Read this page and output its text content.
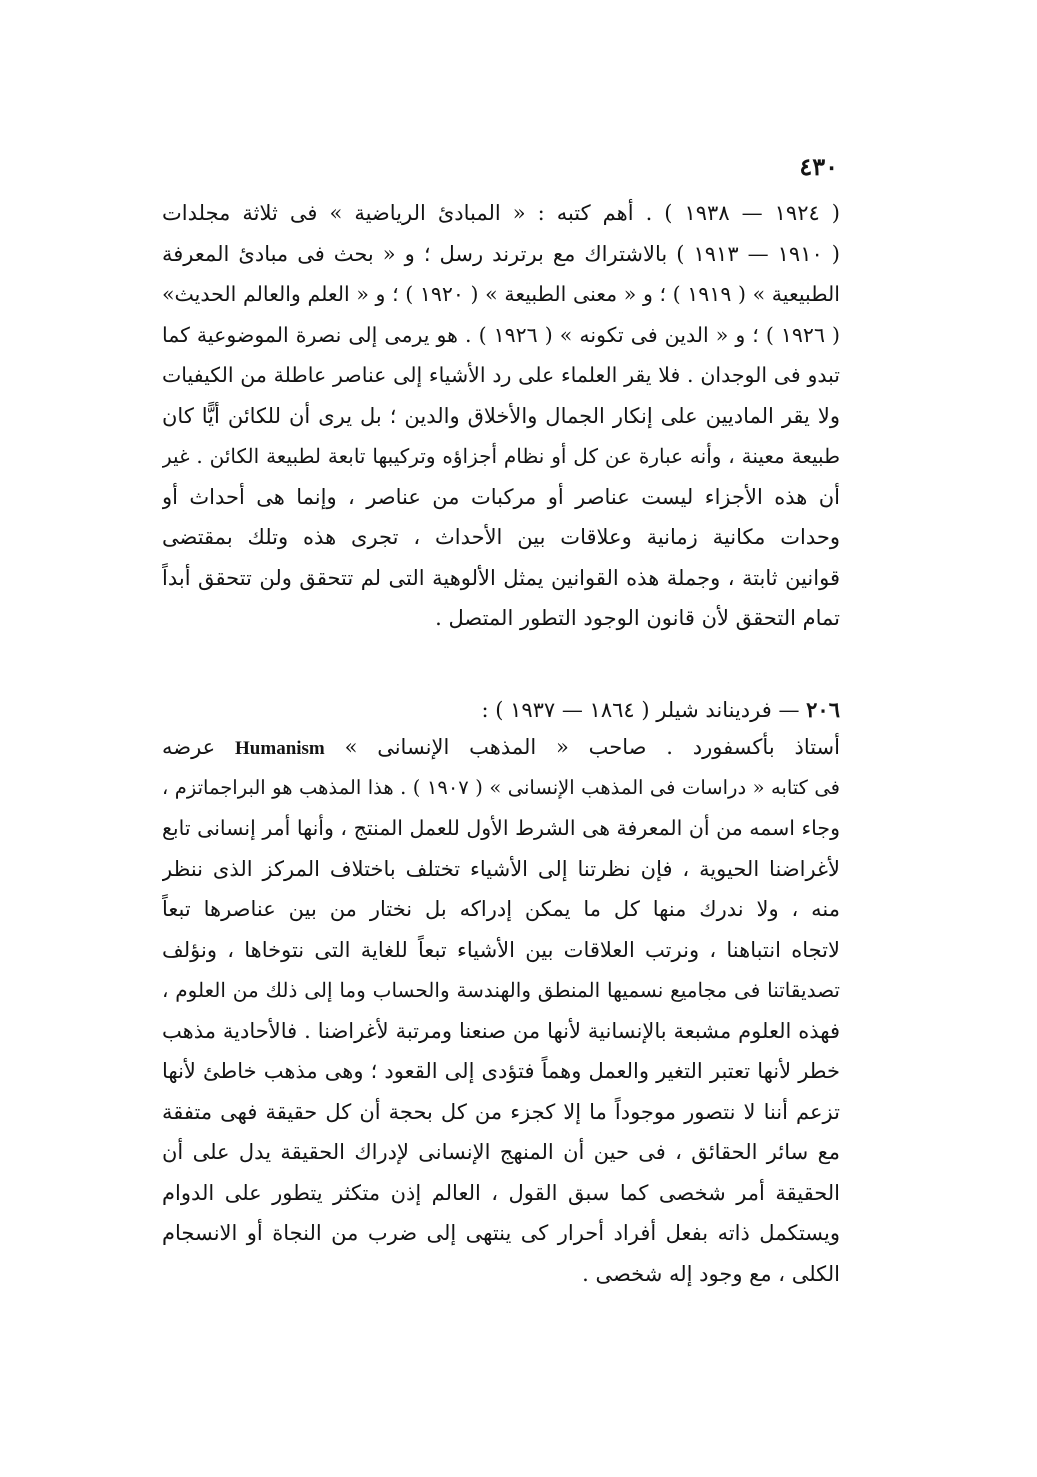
٤٣٠
( ١٩٢٤ — ١٩٣٨ ) . أهم كتبه : « المبادئ الرياضية » فى ثلاثة مجلدات
( ١٩١٠ — ١٩١٣ ) بالاشتراك مع برترند رسل ؛ و « بحث فى مبادئ المعرفة
الطبيعية » ( ١٩١٩ ) ؛ و « معنى الطبيعة » ( ١٩٢٠ ) ؛ و « العلم والعالم الحديث»
( ١٩٢٦ ) ؛ و « الدين فى تكونه » ( ١٩٢٦ ) . هو يرمى إلى نصرة الموضوعية كما
تبدو فى الوجدان . فلا يقر العلماء على رد الأشياء إلى عناصر عاطلة من الكيفيات
ولا يقر الماديين على إنكار الجمال والأخلاق والدين ؛ بل يرى أن للكائن أيًّا كان
طبيعة معينة ، وأنه عبارة عن كل أو نظام أجزاؤه وتركيبها تابعة لطبيعة الكائن . غير
أن هذه الأجزاء ليست عناصر أو مركبات من عناصر ، وإنما هى أحداث أو
وحدات مكانية زمانية وعلاقات بين الأحداث ، تجرى هذه وتلك بمقتضى
قوانين ثابتة ، وجملة هذه القوانين يمثل الألوهية التى لم تتحقق ولن تتحقق أبداً
تمام التحقق لأن قانون الوجود التطور المتصل .
٢٠٦ — فرديناند شيلر ( ١٨٦٤ — ١٩٣٧ ) :
أستاذ بأكسفورد . صاحب « المذهب الإنسانى » Humanism عرضه
فى كتابه « دراسات فى المذهب الإنسانى » ( ١٩٠٧ ) . هذا المذهب هو البراجماتزم ،
وجاء اسمه من أن المعرفة هى الشرط الأول للعمل المنتج ، وأنها أمر إنسانى تابع
لأغراضنا الحيوية ، فإن نظرتنا إلى الأشياء تختلف باختلاف المركز الذى ننظر
منه ، ولا ندرك منها كل ما يمكن إدراكه بل نختار من بين عناصرها تبعاً
لاتجاه انتباهنا ، ونرتب العلاقات بين الأشياء تبعاً للغاية التى نتوخاها ، ونؤلف
تصديقاتنا فى مجاميع نسميها المنطق والهندسة والحساب وما إلى ذلك من العلوم ،
فهذه العلوم مشبعة بالإنسانية لأنها من صنعنا ومرتبة لأغراضنا . فالأحادية مذهب
خطر لأنها تعتبر التغير والعمل وهماً فتؤدى إلى القعود ؛ وهى مذهب خاطئ لأنها
تزعم أننا لا نتصور موجوداً ما إلا كجزء من كل بحجة أن كل حقيقة فهى متفقة
مع سائر الحقائق ، فى حين أن المنهج الإنسانى لإدراك الحقيقة يدل على أن
الحقيقة أمر شخصى كما سبق القول ، العالم إذن متكثر يتطور على الدوام
ويستكمل ذاته بفعل أفراد أحرار كى ينتهى إلى ضرب من النجاة أو الانسجام
الكلى ، مع وجود إله شخصى .
